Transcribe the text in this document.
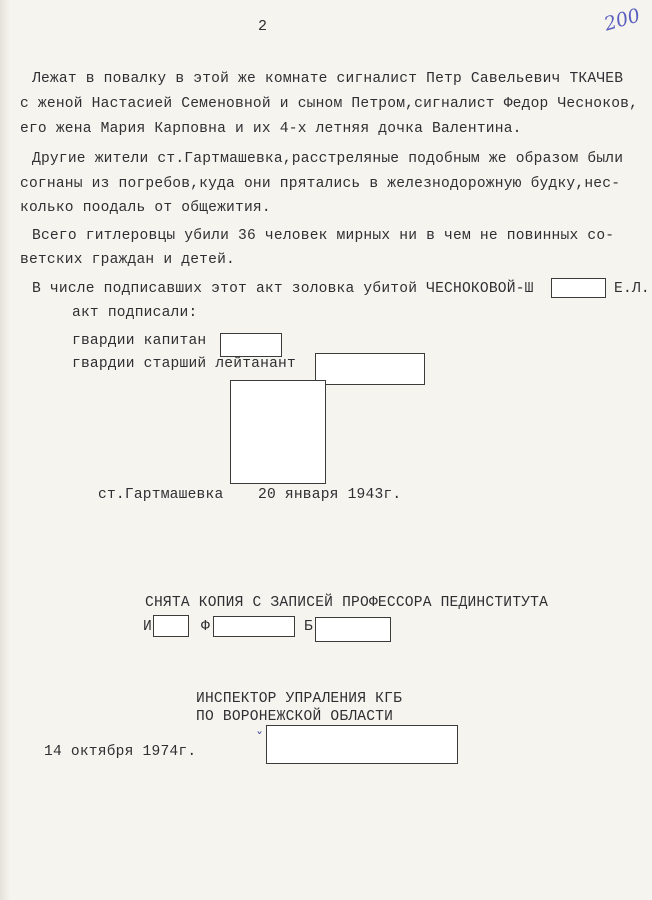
2	200
Лежат в повалку в этой же комнате сигналист Петр Савельевич ТКАЧЕВ
с женой Настасией Семеновной и сыном Петром,сигналист Федор Чесноков,
его жена Мария Карповна и их 4-х летняя дочка Валентина.
Другие жители ст.Гартмашевка,расстреляные подобным же образом были
согнаны из погребов,куда они прятались в железнодорожную будку,нес-
колько поодаль от общежития.
Всего гитлеровцы убили 36 человек мирных ни в чем не повинных со-
ветских граждан и детей.
В числе подписавших этот акт золовка убитой ЧЕСНОКОВОЙ-Ш	Е.Л.
акт подписали:
гвардии капитан
гвардии старший лейтанант
ст.Гартмашевка 20 января 1943г.
СНЯТА КОПИЯ С ЗАПИСЕЙ ПРОФЕССОРА ПЕДИНСТИТУТА
И	Ф	Б
ИНСПЕКТОР УПРАЛЕНИЯ КГБ
ПО ВОРОНЕЖСКОЙ ОБЛАСТИ
ˇ
14 октября 1974г.
